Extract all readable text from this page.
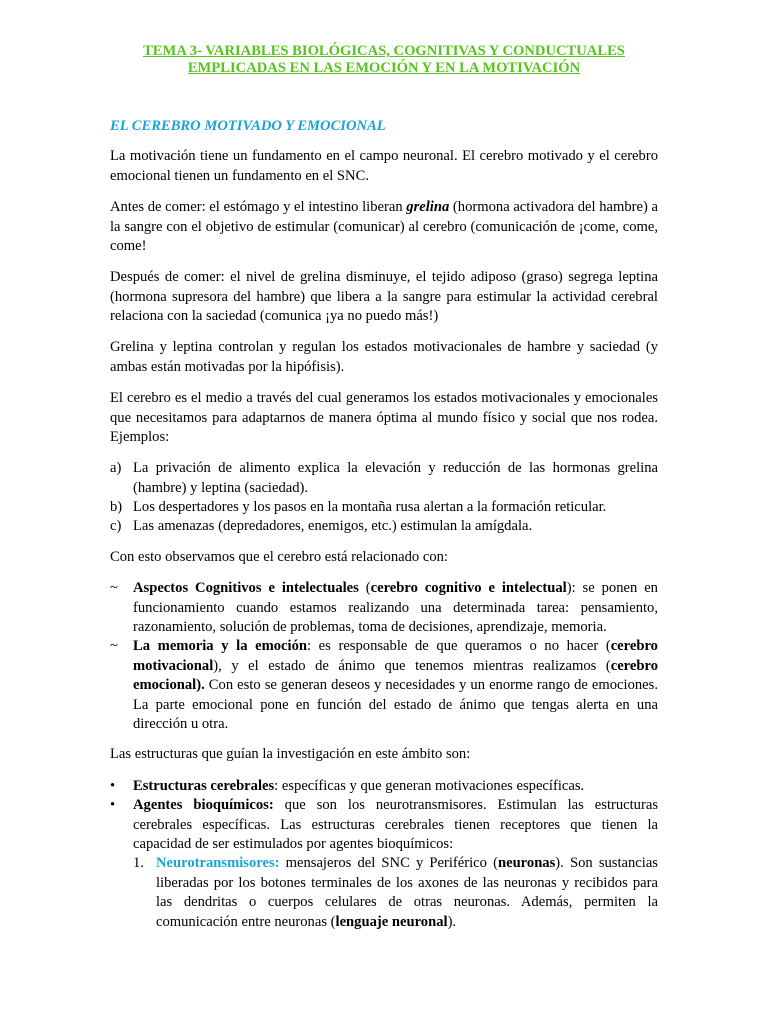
TEMA 3- VARIABLES BIOLÓGICAS, COGNITIVAS Y CONDUCTUALES
EMPLICADAS EN LAS EMOCIÓN Y EN LA MOTIVACIÓN
EL CEREBRO MOTIVADO Y EMOCIONAL

La motivación tiene un fundamento en el campo neuronal. El cerebro motivado y el cerebro emocional tienen un fundamento en el SNC.

Antes de comer: el estómago y el intestino liberan grelina (hormona activadora del hambre) a la sangre con el objetivo de estimular (comunicar) al cerebro (comunicación de ¡come, come, come!

Después de comer: el nivel de grelina disminuye, el tejido adiposo (graso) segrega leptina (hormona supresora del hambre) que libera a la sangre para estimular la actividad cerebral relaciona con la saciedad (comunica ¡ya no puedo más!)

Grelina y leptina controlan y regulan los estados motivacionales de hambre y saciedad (y ambas están motivadas por la hipófisis).

El cerebro es el medio a través del cual generamos los estados motivacionales y emocionales que necesitamos para adaptarnos de manera óptima al mundo físico y social que nos rodea. Ejemplos:

a) La privación de alimento explica la elevación y reducción de las hormonas grelina (hambre) y leptina (saciedad).
b) Los despertadores y los pasos en la montaña rusa alertan a la formación reticular.
c) Las amenazas (depredadores, enemigos, etc.) estimulan la amígdala.

Con esto observamos que el cerebro está relacionado con:

~ Aspectos Cognitivos e intelectuales (cerebro cognitivo e intelectual): se ponen en funcionamiento cuando estamos realizando una determinada tarea: pensamiento, razonamiento, solución de problemas, toma de decisiones, aprendizaje, memoria.
~ La memoria y la emoción: es responsable de que queramos o no hacer (cerebro motivacional), y el estado de ánimo que tenemos mientras realizamos (cerebro emocional). Con esto se generan deseos y necesidades y un enorme rango de emociones. La parte emocional pone en función del estado de ánimo que tengas alerta en una dirección u otra.

Las estructuras que guían la investigación en este ámbito son:

• Estructuras cerebrales: específicas y que generan motivaciones específicas.
• Agentes bioquímicos: que son los neurotransmisores. Estimulan las estructuras cerebrales específicas. Las estructuras cerebrales tienen receptores que tienen la capacidad de ser estimulados por agentes bioquímicos:
1. Neurotransmisores: mensajeros del SNC y Periférico (neuronas). Son sustancias liberadas por los botones terminales de los axones de las neuronas y recibidos para las dendritas o cuerpos celulares de otras neuronas. Además, permiten la comunicación entre neuronas (lenguaje neuronal).
